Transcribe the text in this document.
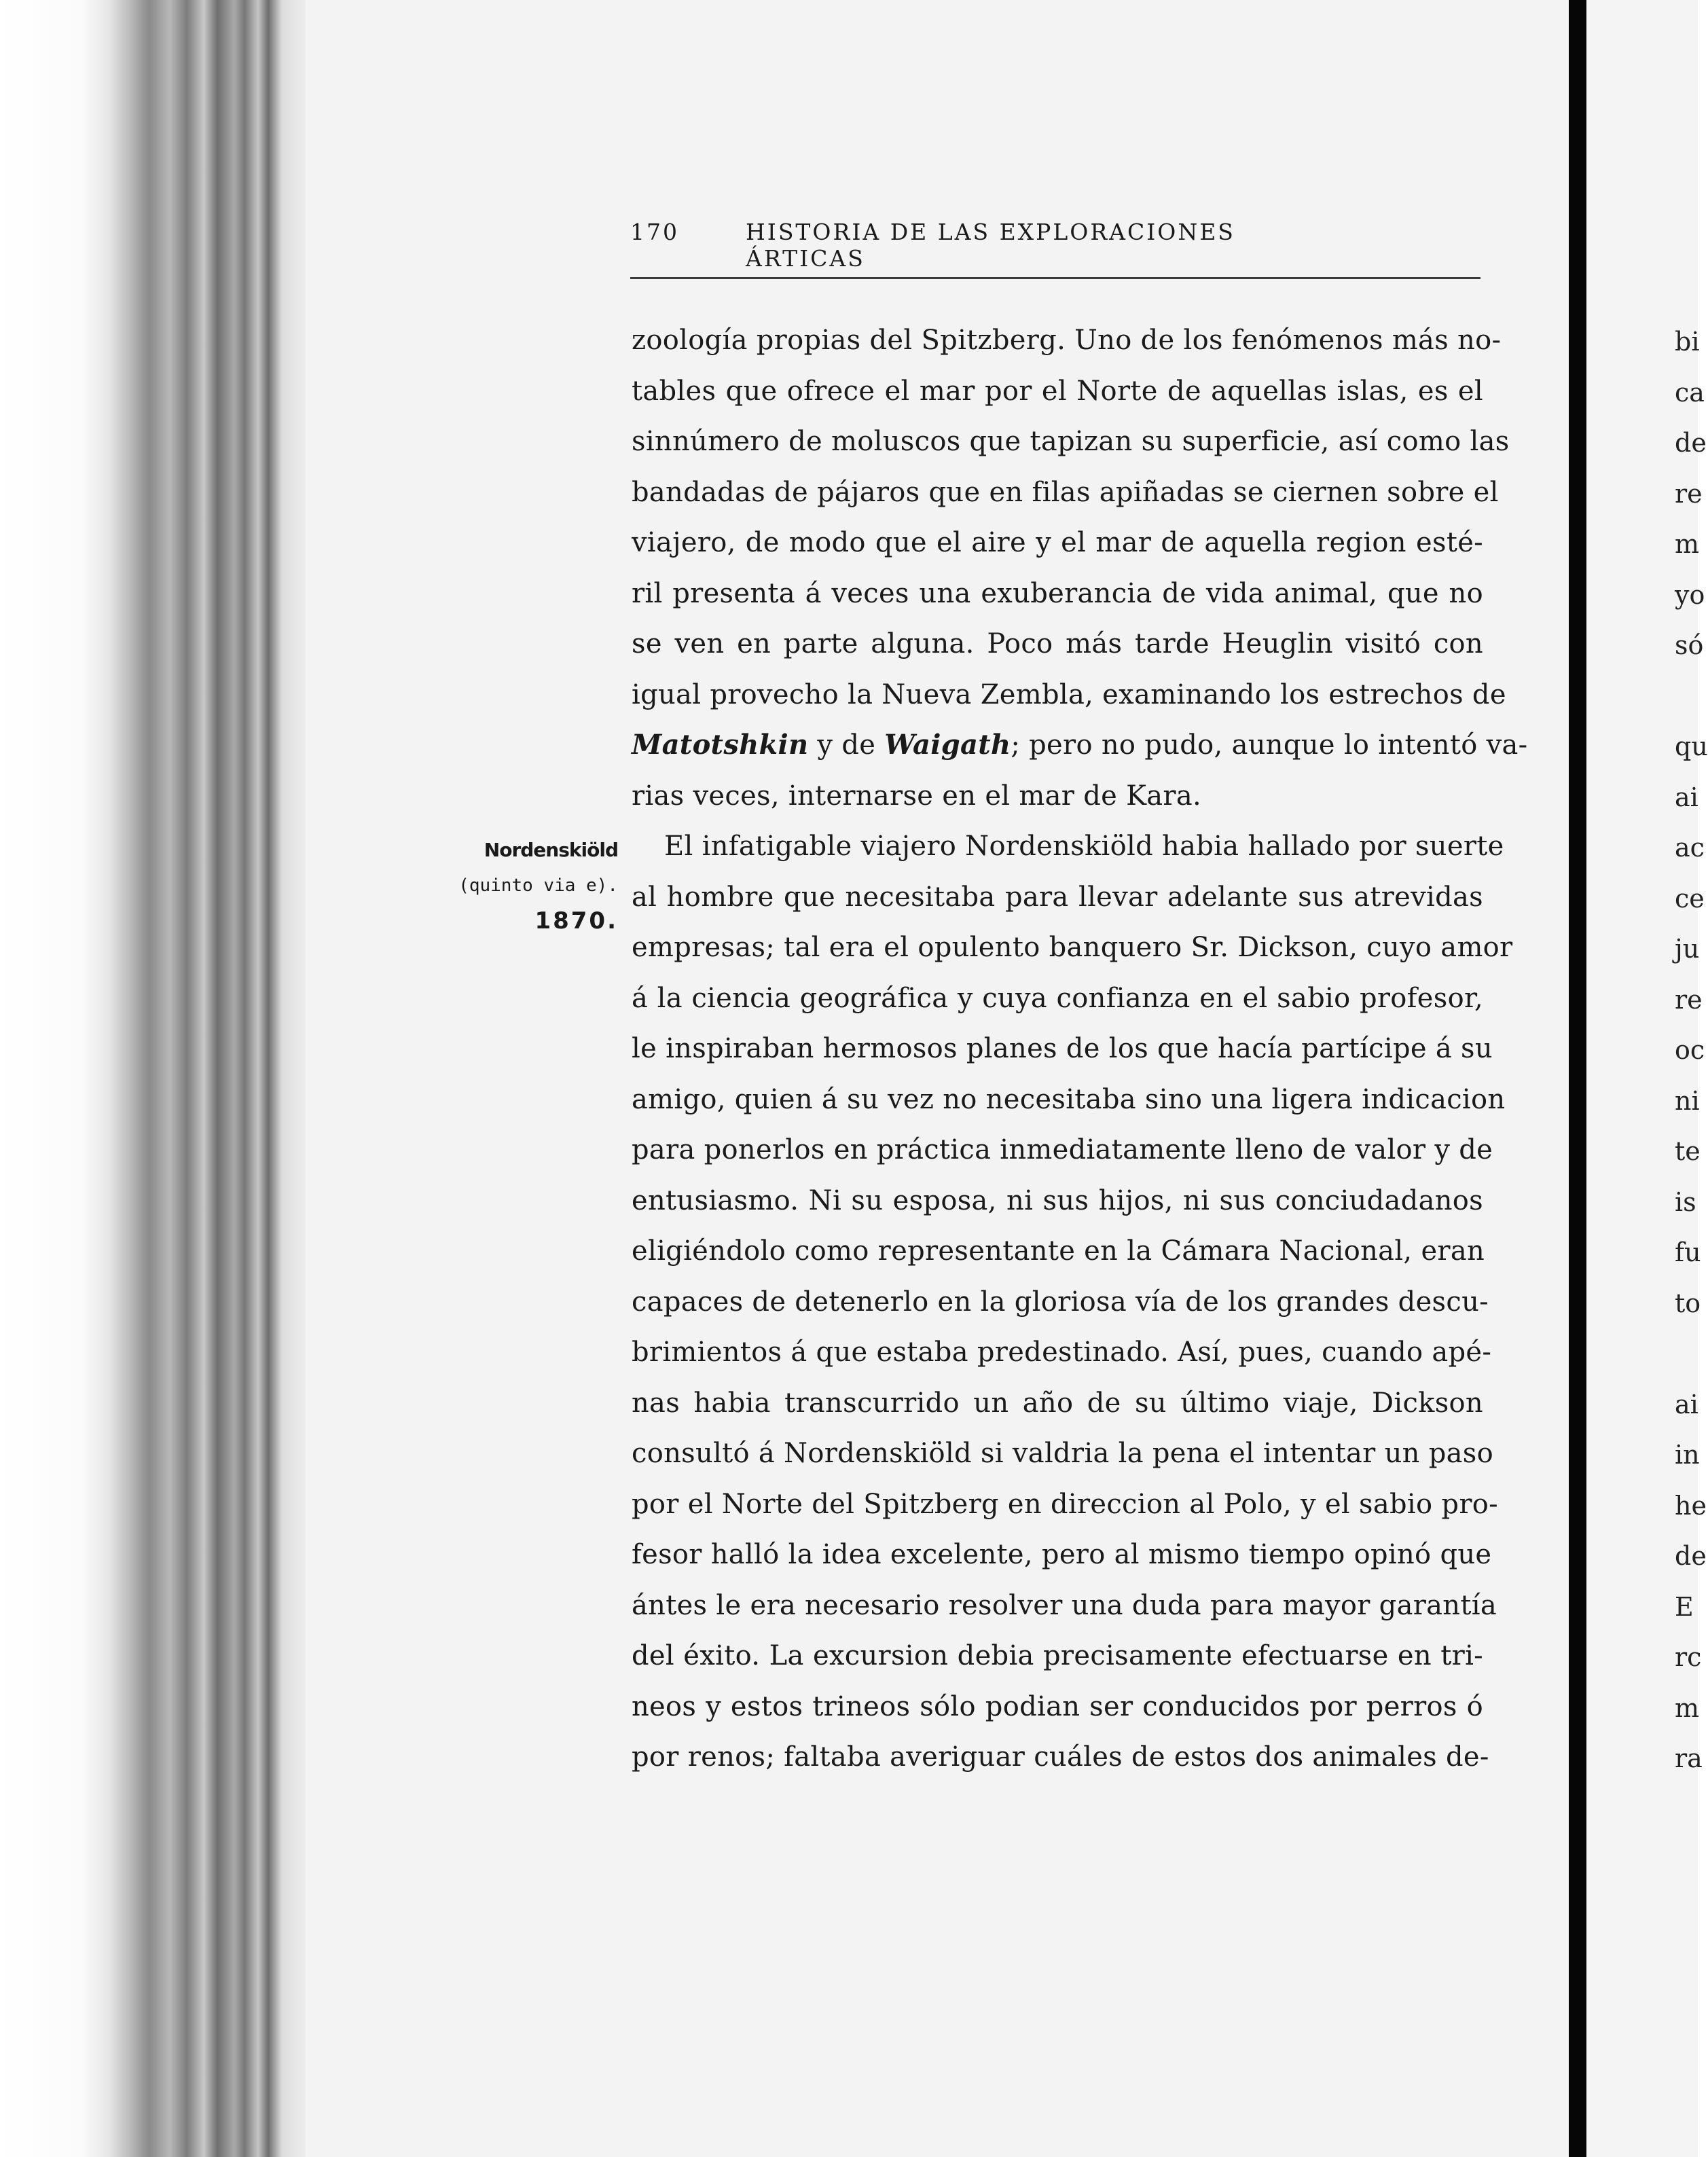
170	HISTORIA DE LAS EXPLORACIONES ÁRTICAS
Nordenskiöld
(quinto via e).
1870.
zoología propias del Spitzberg. Uno de los fenómenos más no-
tables que ofrece el mar por el Norte de aquellas islas, es el
sinnúmero de moluscos que tapizan su superficie, así como las
bandadas de pájaros que en filas apiñadas se ciernen sobre el
viajero, de modo que el aire y el mar de aquella region esté-
ril presenta á veces una exuberancia de vida animal, que no
se ven en parte alguna. Poco más tarde Heuglin visitó con
igual provecho la Nueva Zembla, examinando los estrechos de
Matotshkin y de Waigath; pero no pudo, aunque lo intentó va-
rias veces, internarse en el mar de Kara.
El infatigable viajero Nordenskiöld habia hallado por suerte
al hombre que necesitaba para llevar adelante sus atrevidas
empresas; tal era el opulento banquero Sr. Dickson, cuyo amor
á la ciencia geográfica y cuya confianza en el sabio profesor,
le inspiraban hermosos planes de los que hacía partícipe á su
amigo, quien á su vez no necesitaba sino una ligera indicacion
para ponerlos en práctica inmediatamente lleno de valor y de
entusiasmo. Ni su esposa, ni sus hijos, ni sus conciudadanos
eligiéndolo como representante en la Cámara Nacional, eran
capaces de detenerlo en la gloriosa vía de los grandes descu-
brimientos á que estaba predestinado. Así, pues, cuando apé-
nas habia transcurrido un año de su último viaje, Dickson
consultó á Nordenskiöld si valdria la pena el intentar un paso
por el Norte del Spitzberg en direccion al Polo, y el sabio pro-
fesor halló la idea excelente, pero al mismo tiempo opinó que
ántes le era necesario resolver una duda para mayor garantía
del éxito. La excursion debia precisamente efectuarse en tri-
neos y estos trineos sólo podian ser conducidos por perros ó
por renos; faltaba averiguar cuáles de estos dos animales de-
bi
ca
de
re
m
yo
só
qu
ai
ac
ce
ju
re
oc
ni
te
is
fu
to
ai
in
he
de
E
rc
m
ra
